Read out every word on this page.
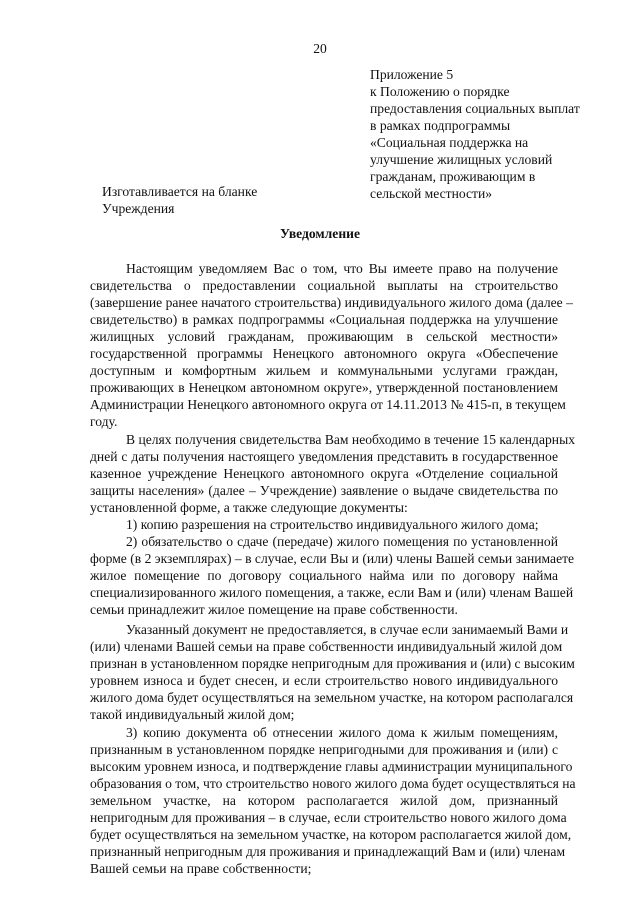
20
Приложение 5
к Положению о порядке
предоставления социальных выплат
в рамках подпрограммы
«Социальная поддержка на
улучшение жилищных условий
гражданам, проживающим в
сельской местности»
Изготавливается на бланке
Учреждения
Уведомление
Настоящим уведомляем Вас о том, что Вы имеете право на получение
свидетельства о предоставлении социальной выплаты на строительство
(завершение ранее начатого строительства) индивидуального жилого дома (далее –
свидетельство) в рамках подпрограммы «Социальная поддержка на улучшение
жилищных условий гражданам, проживающим в сельской местности»
государственной программы Ненецкого автономного округа «Обеспечение
доступным и комфортным жильем и коммунальными услугами граждан,
проживающих в Ненецком автономном округе», утвержденной постановлением
Администрации Ненецкого автономного округа от 14.11.2013 № 415-п, в текущем
году.
В целях получения свидетельства Вам необходимо в течение 15 календарных
дней с даты получения настоящего уведомления представить в государственное
казенное учреждение Ненецкого автономного округа «Отделение социальной
защиты населения» (далее – Учреждение) заявление о выдаче свидетельства по
установленной форме, а также следующие документы:
1) копию разрешения на строительство индивидуального жилого дома;
2) обязательство о сдаче (передаче) жилого помещения по установленной
форме (в 2 экземплярах) – в случае, если Вы и (или) члены Вашей семьи занимаете
жилое помещение по договору социального найма или по договору найма
специализированного жилого помещения, а также, если Вам и (или) членам Вашей
семьи принадлежит жилое помещение на праве собственности.
Указанный документ не предоставляется, в случае если занимаемый Вами и
(или) членами Вашей семьи на праве собственности индивидуальный жилой дом
признан в установленном порядке непригодным для проживания и (или) с высоким
уровнем износа и будет снесен, и если строительство нового индивидуального
жилого дома будет осуществляться на земельном участке, на котором располагался
такой индивидуальный жилой дом;
3) копию документа об отнесении жилого дома к жилым помещениям,
признанным в установленном порядке непригодными для проживания и (или) с
высоким уровнем износа, и подтверждение главы администрации муниципального
образования о том, что строительство нового жилого дома будет осуществляться на
земельном участке, на котором располагается жилой дом, признанный
непригодным для проживания – в случае, если строительство нового жилого дома
будет осуществляться на земельном участке, на котором располагается жилой дом,
признанный непригодным для проживания и принадлежащий Вам и (или) членам
Вашей семьи на праве собственности;
